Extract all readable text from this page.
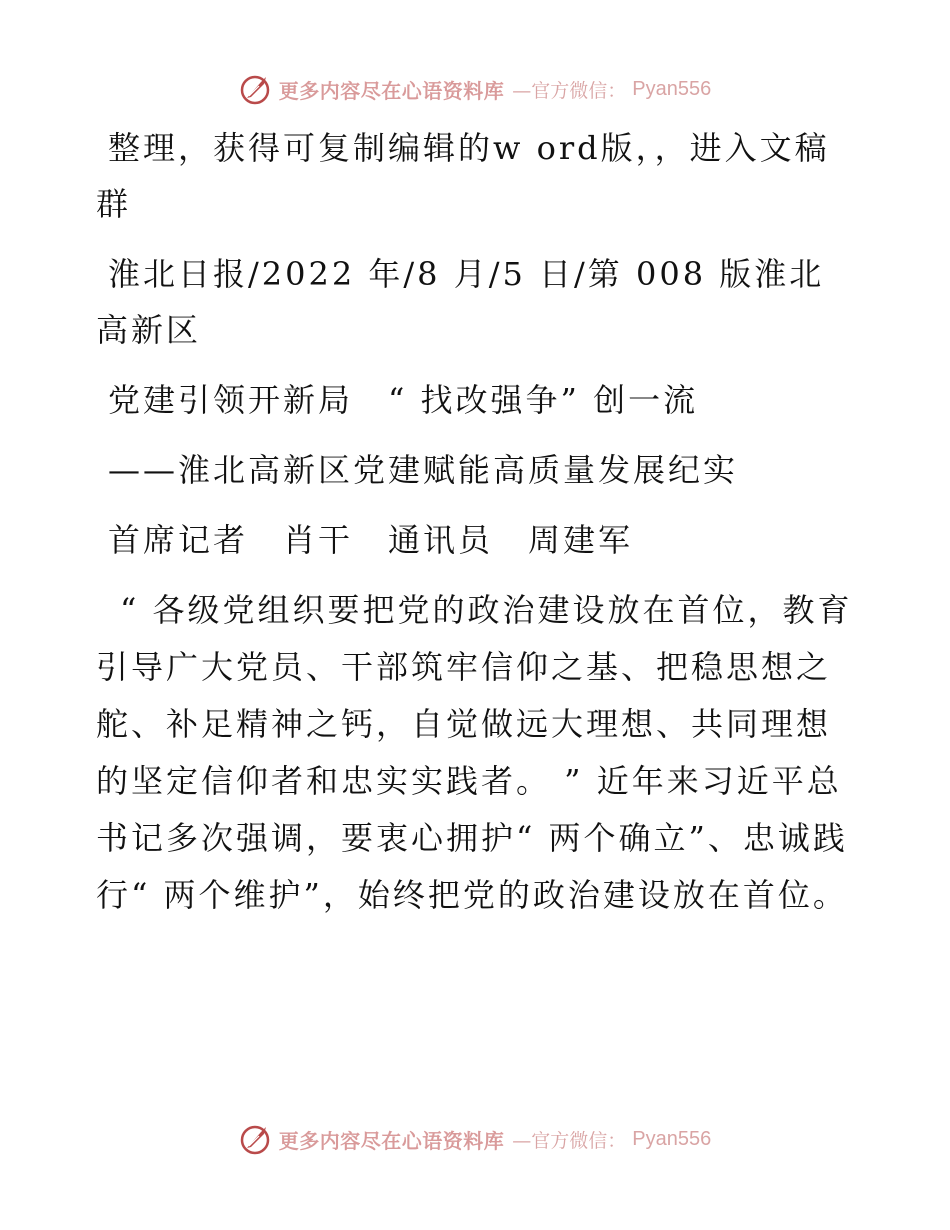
更多内容尽在心语资料库 —官方微信： Pyan556

整理，获得可复制编辑的w ord版，，进入文稿群

淮北日报/2022 年/8 月/5 日/第 008 版淮北高新区

党建引领开新局　“ 找改强争” 创一流

——淮北高新区党建赋能高质量发展纪实

首席记者　肖干　通讯员　周建军

“ 各级党组织要把党的政治建设放在首位，教育引导广大党员、干部筑牢信仰之基、把稳思想之舵、补足精神之钙，自觉做远大理想、共同理想的坚定信仰者和忠实实践者。 ” 近年来习近平总书记多次强调，要衷心拥护“ 两个确立”、忠诚践行“ 两个维护”，始终把党的政治建设放在首位。

更多内容尽在心语资料库 —官方微信： Pyan556
